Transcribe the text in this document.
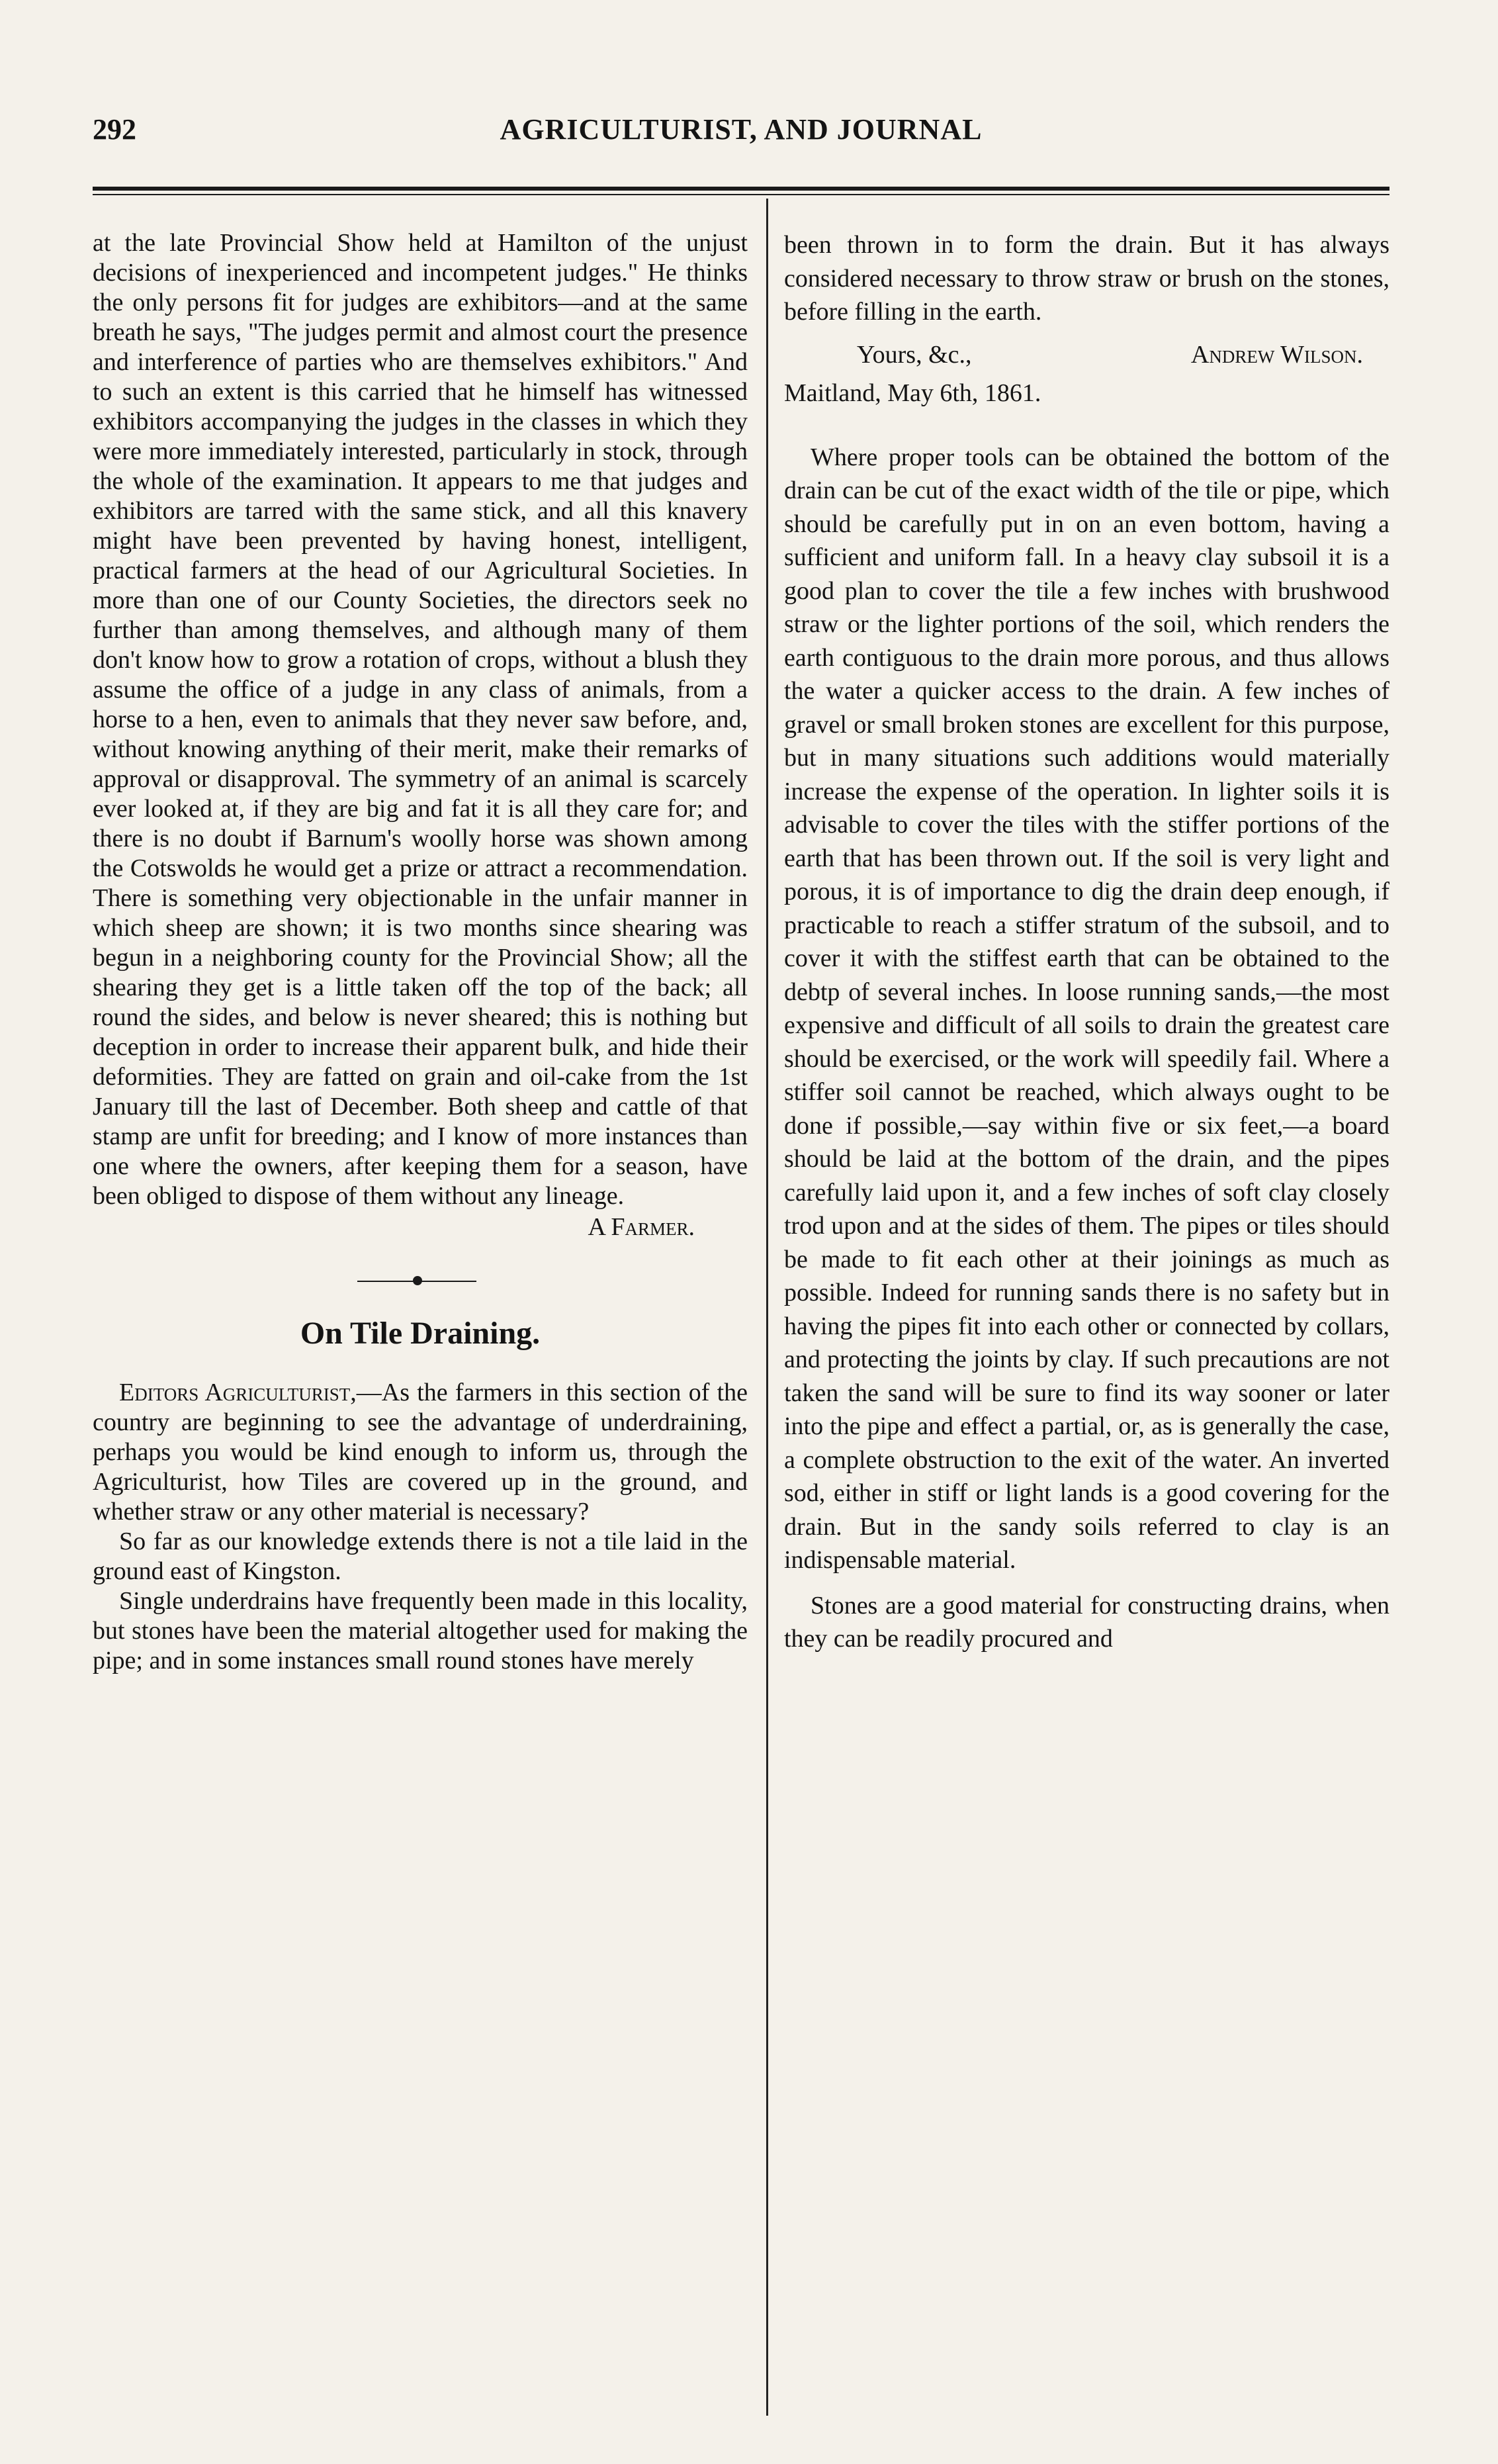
292	AGRICULTURIST, AND JOURNAL

at the late Provincial Show held at Hamilton of the unjust decisions of inexperienced and incompetent judges." He thinks the only persons fit for judges are exhibitors—and at the same breath he says, "The judges permit and almost court the presence and interference of parties who are themselves exhibitors." And to such an extent is this carried that he himself has witnessed exhibitors accompanying the judges in the classes in which they were more immediately interested, particularly in stock, through the whole of the examination. It appears to me that judges and exhibitors are tarred with the same stick, and all this knavery might have been prevented by having honest, intelligent, practical farmers at the head of our Agricultural Societies. In more than one of our County Societies, the directors seek no further than among themselves, and although many of them don't know how to grow a rotation of crops, without a blush they assume the office of a judge in any class of animals, from a horse to a hen, even to animals that they never saw before, and, without knowing anything of their merit, make their remarks of approval or disapproval. The symmetry of an animal is scarcely ever looked at, if they are big and fat it is all they care for; and there is no doubt if Barnum's woolly horse was shown among the Cotswolds he would get a prize or attract a recommendation. There is something very objectionable in the unfair manner in which sheep are shown; it is two months since shearing was begun in a neighboring county for the Provincial Show; all the shearing they get is a little taken off the top of the back; all round the sides, and below is never sheared; this is nothing but deception in order to increase their apparent bulk, and hide their deformities. They are fatted on grain and oil-cake from the 1st January till the last of December. Both sheep and cattle of that stamp are unfit for breeding; and I know of more instances than one where the owners, after keeping them for a season, have been obliged to dispose of them without any lineage.

A Farmer.

On Tile Draining.

Editors Agriculturist,—As the farmers in this section of the country are beginning to see the advantage of underdraining, perhaps you would be kind enough to inform us, through the Agriculturist, how Tiles are covered up in the ground, and whether straw or any other material is necessary?

So far as our knowledge extends there is not a tile laid in the ground east of Kingston.

Single underdrains have frequently been made in this locality, but stones have been the material altogether used for making the pipe; and in some instances small round stones have merely

been thrown in to form the drain. But it has always considered necessary to throw straw or brush on the stones, before filling in the earth.

Yours, &c.,	Andrew Wilson.

Maitland, May 6th, 1861.

Where proper tools can be obtained the bottom of the drain can be cut of the exact width of the tile or pipe, which should be carefully put in on an even bottom, having a sufficient and uniform fall. In a heavy clay subsoil it is a good plan to cover the tile a few inches with brushwood straw or the lighter portions of the soil, which renders the earth contiguous to the drain more porous, and thus allows the water a quicker access to the drain. A few inches of gravel or small broken stones are excellent for this purpose, but in many situations such additions would materially increase the expense of the operation. In lighter soils it is advisable to cover the tiles with the stiffer portions of the earth that has been thrown out. If the soil is very light and porous, it is of importance to dig the drain deep enough, if practicable to reach a stiffer stratum of the subsoil, and to cover it with the stiffest earth that can be obtained to the debtp of several inches. In loose running sands,—the most expensive and difficult of all soils to drain the greatest care should be exercised, or the work will speedily fail. Where a stiffer soil cannot be reached, which always ought to be done if possible,—say within five or six feet,—a board should be laid at the bottom of the drain, and the pipes carefully laid upon it, and a few inches of soft clay closely trod upon and at the sides of them. The pipes or tiles should be made to fit each other at their joinings as much as possible. Indeed for running sands there is no safety but in having the pipes fit into each other or connected by collars, and protecting the joints by clay. If such precautions are not taken the sand will be sure to find its way sooner or later into the pipe and effect a partial, or, as is generally the case, a complete obstruction to the exit of the water. An inverted sod, either in stiff or light lands is a good covering for the drain. But in the sandy soils referred to clay is an indispensable material.

Stones are a good material for constructing drains, when they can be readily procured and
